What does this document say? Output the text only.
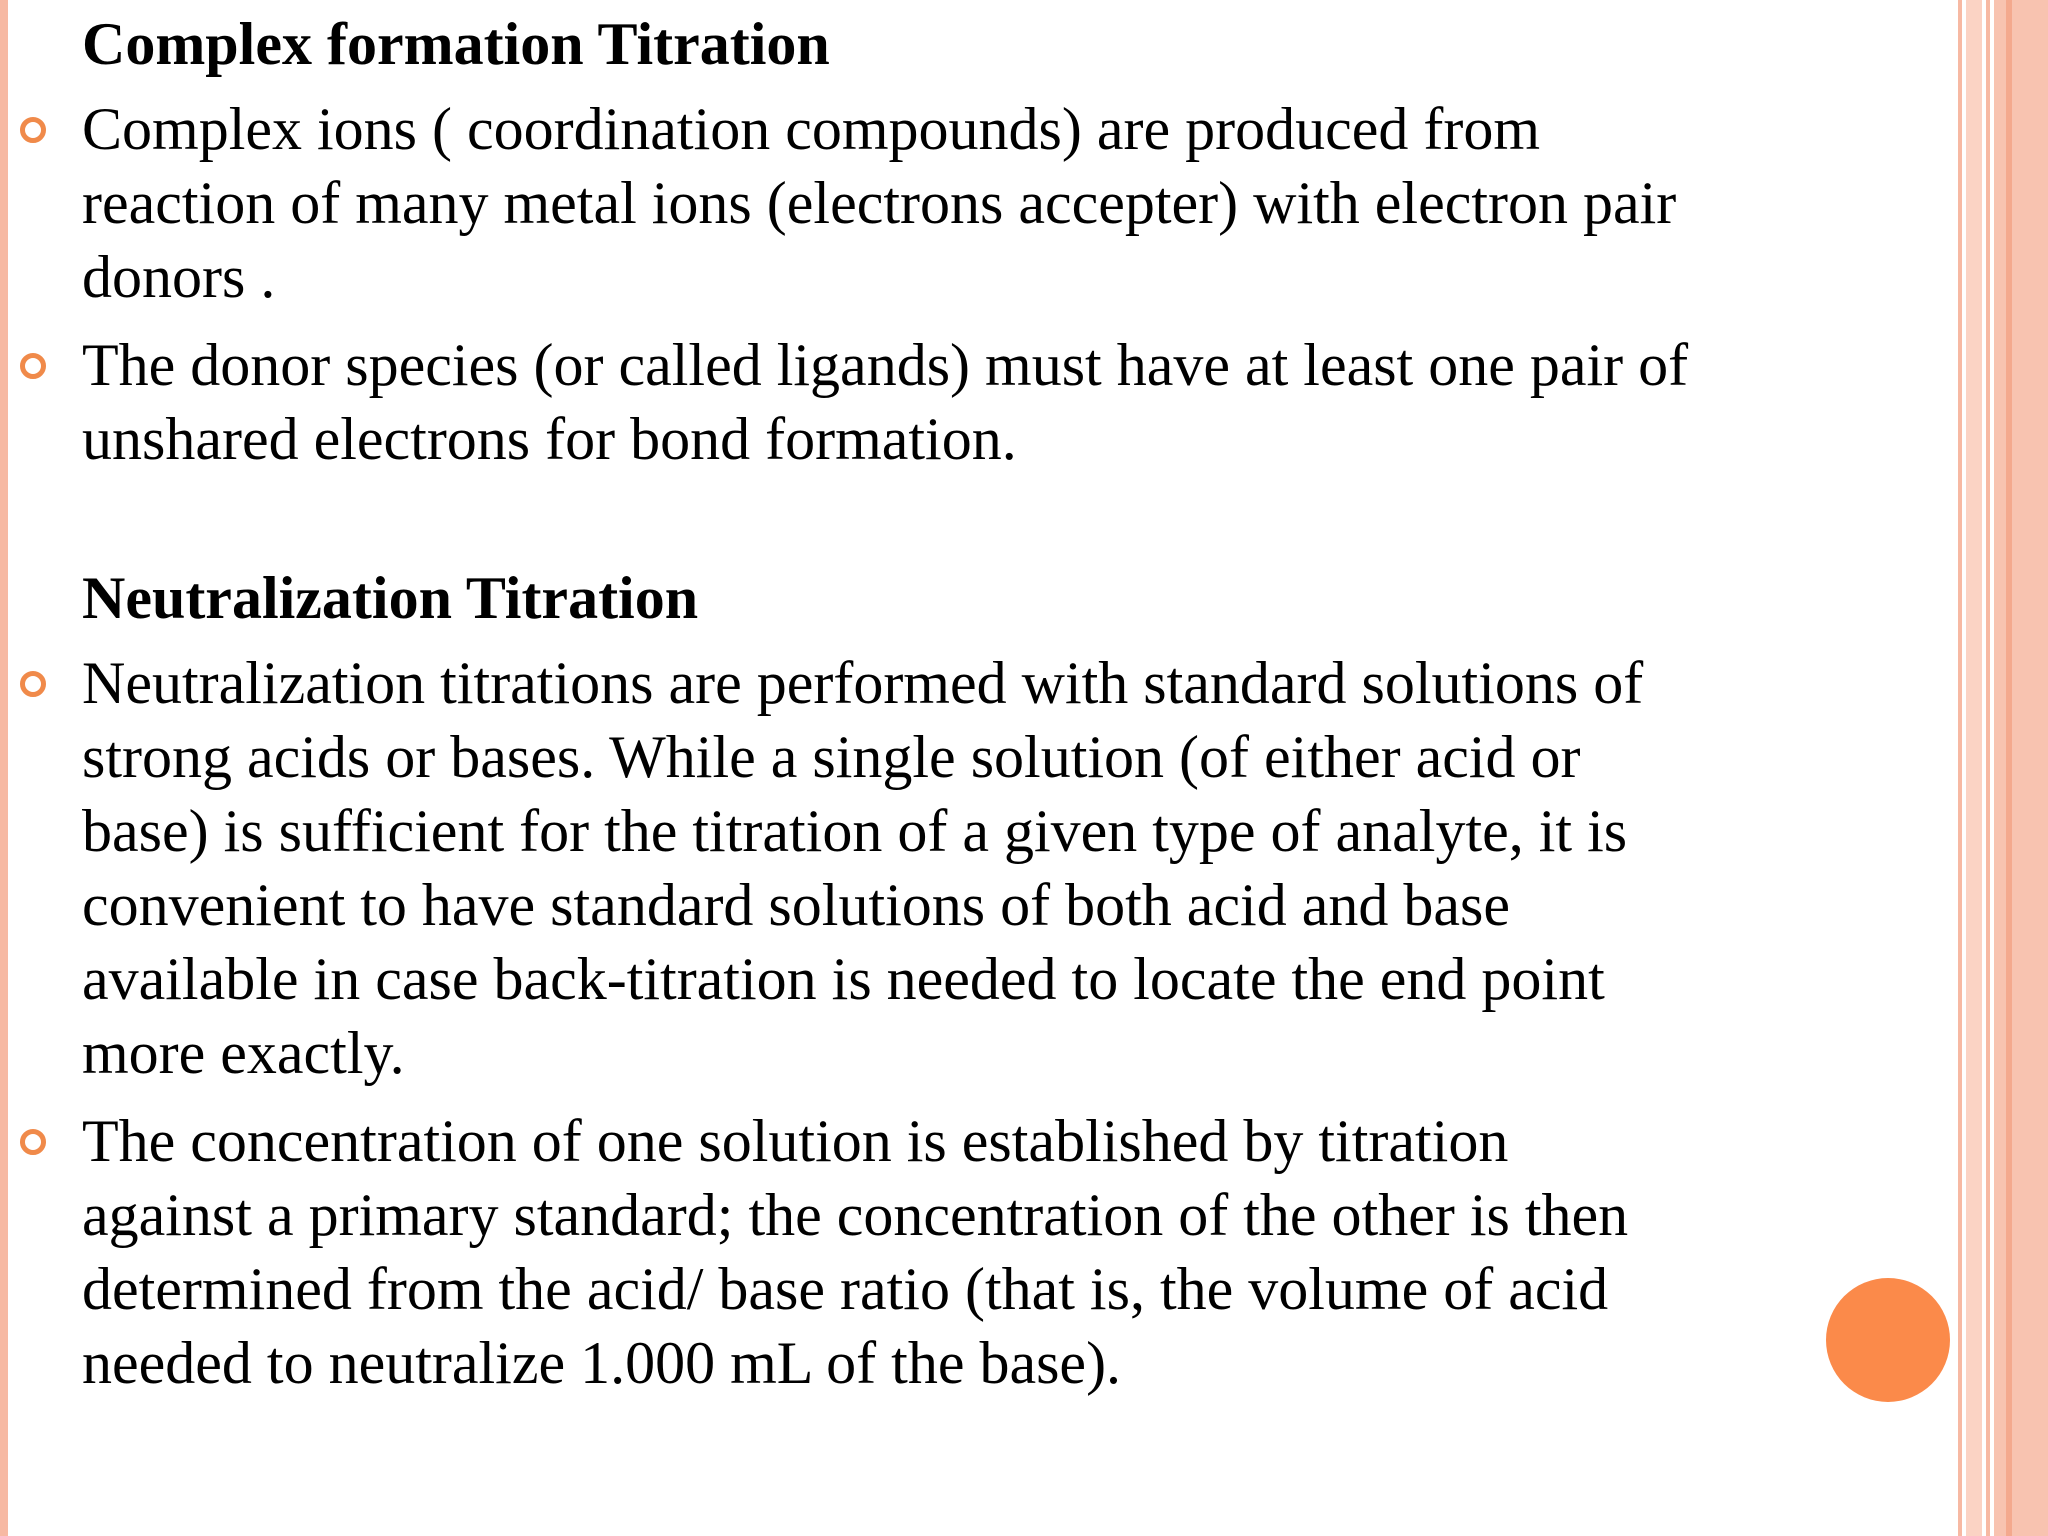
Complex formation Titration
Complex ions ( coordination compounds) are produced from
reaction of many metal ions (electrons accepter) with electron pair
donors .
The donor species (or called ligands) must have at least one pair of
unshared electrons for bond formation.
Neutralization Titration
Neutralization titrations are performed with standard solutions of
strong acids or bases. While a single solution (of either acid or
base) is sufficient for the titration of a given type of analyte, it is
convenient to have standard solutions of both acid and base
available in case back-titration is needed to locate the end point
more exactly.
The concentration of one solution is established by titration
against a primary standard; the concentration of the other is then
determined from the acid/ base ratio (that is, the volume of acid
needed to neutralize 1.000 mL of the base).
